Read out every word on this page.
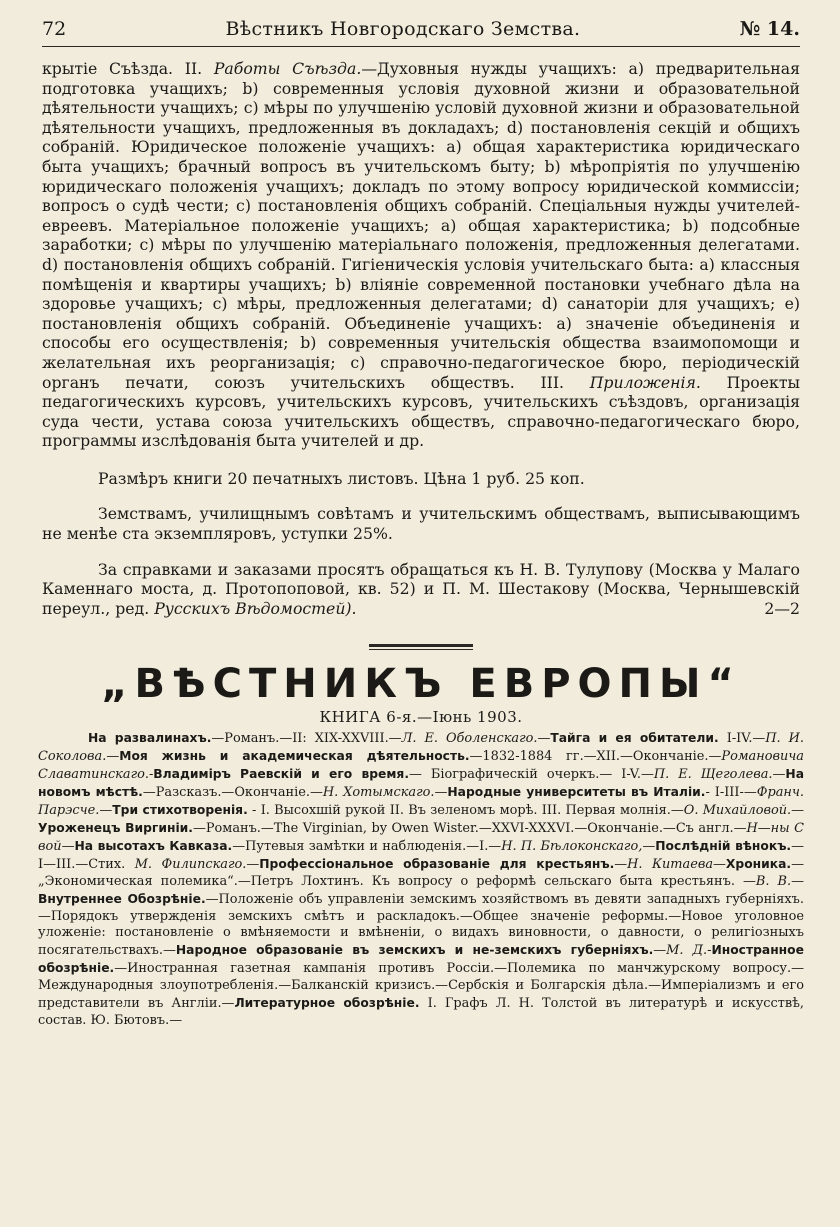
72	Вѣстникъ Новгородскаго Земства.	№ 14.

крытіе Съѣзда. II. Работы Съѣзда.—Духовныя нужды учащихъ: а) предварительная подготовка учащихъ; b) современныя условія духовной жизни и образовательной дѣятельности учащихъ; c) мѣры по улучшенію условій духовной жизни и образовательной дѣятельности учащихъ, предложенныя въ докладахъ; d) постановленія секцій и общихъ собраній. Юридическое положеніе учащихъ: а) общая характеристика юридическаго быта учащихъ; брачный вопросъ въ учительскомъ быту; b) мѣропріятія по улучшенію юридическаго положенія учащихъ; докладъ по этому вопросу юридической коммиссіи; вопросъ о судѣ чести; c) постановленія общихъ собраній. Спеціальныя нужды учителей-евреевъ. Матеріальное положеніе учащихъ; а) общая характеристика; b) подсобные заработки; c) мѣры по улучшенію матеріальнаго положенія, предложенныя делегатами. d) постановленія общихъ собраній. Гигіеническія условія учительскаго быта: а) классныя помѣщенія и квартиры учащихъ; b) вліяніе современной постановки учебнаго дѣла на здоровье учащихъ; c) мѣры, предложенныя делегатами; d) санаторіи для учащихъ; e) постановленія общихъ собраній. Объединеніе учащихъ: а) значеніе объединенія и способы его осуществленія; b) современныя учительскія общества взаимопомощи и желательная ихъ реорганизація; c) справочно-педагогическое бюро, періодическій органъ печати, союзъ учительскихъ обществъ. III. Приложенія. Проекты педагогическихъ курсовъ, учительскихъ курсовъ, учительскихъ съѣздовъ, организація суда чести, устава союза учительскихъ обществъ, справочно-педагогическаго бюро, программы изслѣдованія быта учителей и др.

Размѣръ книги 20 печатныхъ листовъ. Цѣна 1 руб. 25 коп.

Земствамъ, училищнымъ совѣтамъ и учительскимъ обществамъ, выписывающимъ не менѣе ста экземпляровъ, уступки 25%.

За справками и заказами просятъ обращаться къ Н. В. Тулупову (Москва у Малаго Каменнаго моста, д. Протопоповой, кв. 52) и П. М. Шестакову (Москва, Чернышевскій переул., ред. Русскихъ Вѣдомостей).	2—2

„ВѢСТНИКЪ ЕВРОПЫ“
КНИГА 6-я.—Іюнь 1903.

На развалинахъ.—Романъ.—II: XIX-XXVIII.—Л. Е. Оболенскаго.—Тайга и ея обитатели. I-IV.—П. И. Соколова.—Моя жизнь и академическая дѣятельность.—1832-1884 гг.—XII.—Окончаніе.—Романовича Славатинскаго.-Владиміръ Раевскій и его время.— Біографическій очеркъ.— I-V.—П. Е. Щеголева.—На новомъ мѣстѣ.—Разсказъ.—Окончаніе.—Н. Хотымскаго.—Народные университеты въ Италіи.- I-III-—Франч. Парэсче.—Три стихотворенія. - I. Высохшій рукой II. Въ зеленомъ морѣ. III. Первая молнія.—О. Михайловой.—Уроженецъ Виргиніи.—Романъ.—The Virginian, by Owen Wister.—XXVI-XXXVI.—Окончаніе.—Съ англ.—Н—ны С вой—На высотахъ Кавказа.—Путевыя замѣтки и наблюденія.—I.—Н. П. Бѣлоконскаго,—Послѣдній вѣнокъ.—I—III.—Стих. М. Филипскаго.—Профессіональное образованіе для крестьянъ.—Н. Китаева—Хроника.— „Экономическая полемика“.—Петръ Лохтинъ. Къ вопросу о реформѣ сельскаго быта крестьянъ. —В. В.—Внутреннее Обозрѣніе.—Положеніе объ управленіи земскимъ хозяйствомъ въ девяти западныхъ губерніяхъ.—Порядокъ утвержденія земскихъ смѣтъ и раскладокъ.—Общее значеніе реформы.—Новое уголовное уложеніе: постановленіе о вмѣняемости и вмѣненіи, о видахъ виновности, о давности, о религіозныхъ посягательствахъ.—Народное образованіе въ земскихъ и не-земскихъ губерніяхъ.—М. Д.-Иностранное обозрѣніе.—Иностранная газетная кампанія противъ Россіи.—Полемика по манчжурскому вопросу.—Международныя злоупотребленія.—Балканскій кризисъ.—Сербскія и Болгарскія дѣла.—Имперіализмъ и его представители въ Англіи.—Литературное обозрѣніе. I. Графъ Л. Н. Толстой въ литературѣ и искусствѣ, состав. Ю. Бютовъ.—
